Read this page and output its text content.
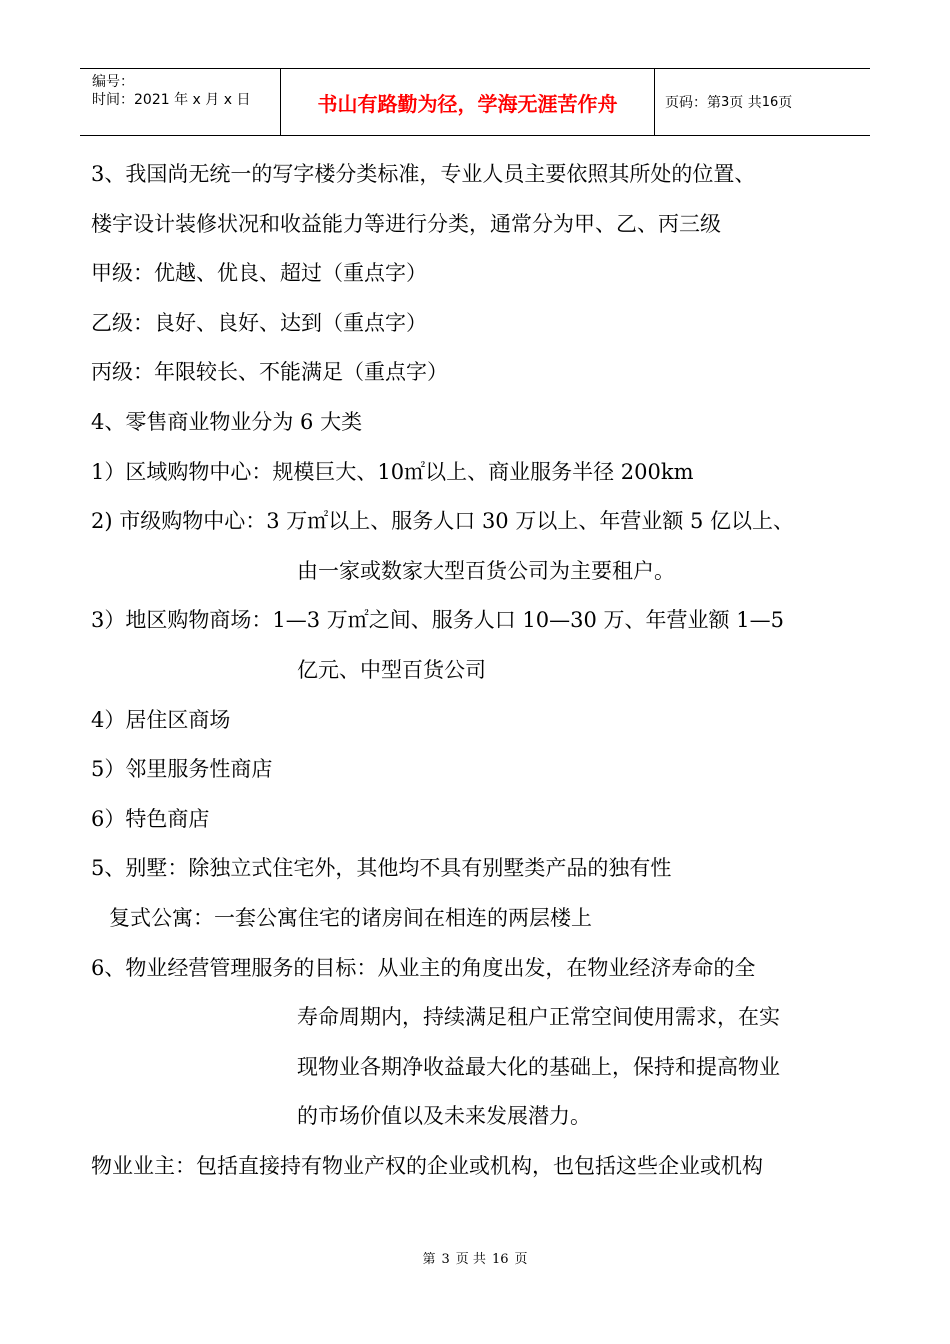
编号：
时间：2021 年 x 月 x 日	书山有路勤为径，学海无涯苦作舟	页码：第 3 页 共 16 页
3、我国尚无统一的写字楼分类标准，专业人员主要依照其所处的位置、
楼宇设计装修状况和收益能力等进行分类，通常分为甲、乙、丙三级
甲级：优越、优良、超过（重点字）
乙级：良好、良好、达到（重点字）
丙级：年限较长、不能满足（重点字）
4、零售商业物业分为 6 大类
1）区域购物中心：规模巨大、10㎡以上、商业服务半径 200km
2) 市级购物中心：3 万㎡以上、服务人口 30 万以上、年营业额 5 亿以上、
由一家或数家大型百货公司为主要租户。
3）地区购物商场：1—3 万㎡之间、服务人口 10—30 万、年营业额 1—5
亿元、中型百货公司
4）居住区商场
5）邻里服务性商店
6）特色商店
5、别墅：除独立式住宅外，其他均不具有别墅类产品的独有性
复式公寓：一套公寓住宅的诸房间在相连的两层楼上
6、物业经营管理服务的目标：从业主的角度出发，在物业经济寿命的全
寿命周期内，持续满足租户正常空间使用需求，在实
现物业各期净收益最大化的基础上，保持和提高物业
的市场价值以及未来发展潜力。
物业业主：包括直接持有物业产权的企业或机构，也包括这些企业或机构
第 3 页 共 16 页
